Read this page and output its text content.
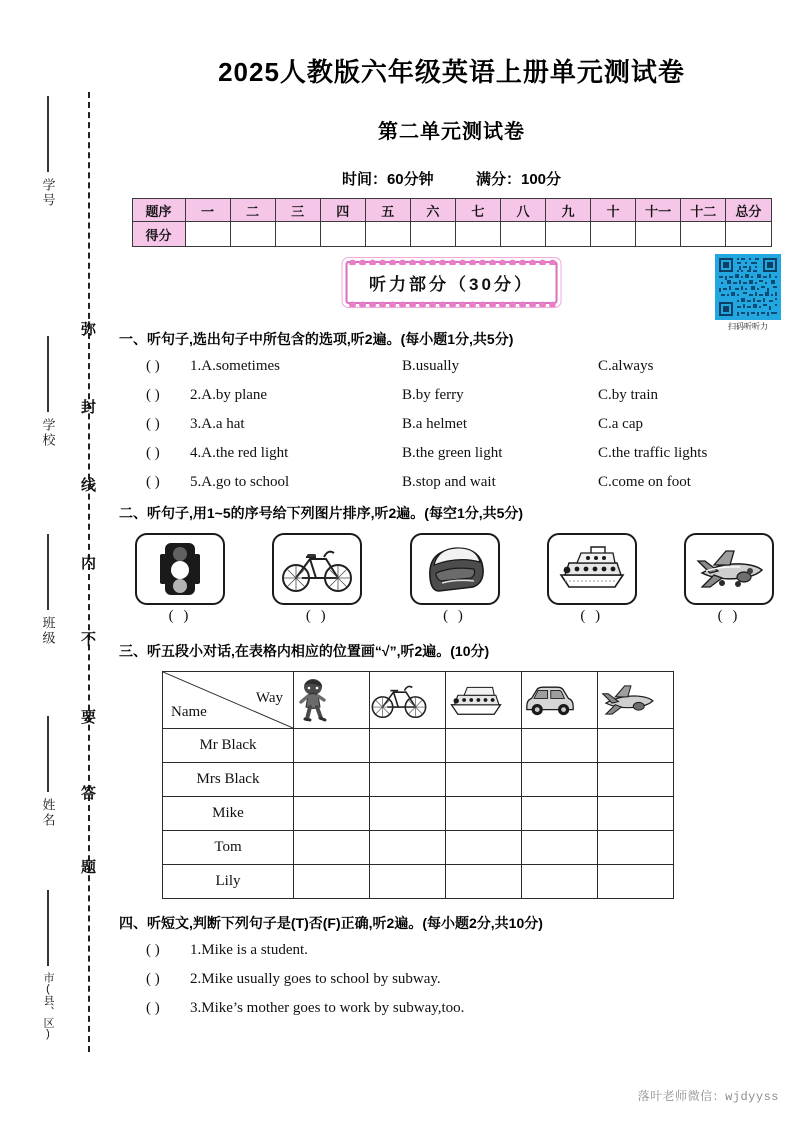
弥
封
线
内
不
要
答
题
学号
学校
班级
姓名
市(县、区)
2025人教版六年级英语上册单元测试卷
第二单元测试卷
时间：60分钟	满分：100分
题序	一	二	三	四	五	六	七	八	九	十	十一	十二	总分
得分													
听力部分（30分）
扫码听听力
一、听句子,选出句子中所包含的选项,听2遍。(每小题1分,共5分)
( )	1.A.sometimes	B.usually	C.always
( )	2.A.by plane	B.by ferry	C.by train
( )	3.A.a hat	B.a helmet	C.a cap
( )	4.A.the red light	B.the green light	C.the traffic lights
( )	5.A.go to school	B.stop and wait	C.come on foot
二、听句子,用1~5的序号给下列图片排序,听2遍。(每空1分,共5分)
( )	( )	( )	( )	( )
三、听五段小对话,在表格内相应的位置画“√”,听2遍。(10分)
Name
Way

Mr Black					
Mrs Black					
Mike					
Tom					
Lily					
四、听短文,判断下列句子是(T)否(F)正确,听2遍。(每小题2分,共10分)
( )	1. Mike is a student.
( )	2. Mike usually goes to school by subway.
( )	3. Mike’s mother goes to work by subway,too.
落叶老师微信：wjdyyss
